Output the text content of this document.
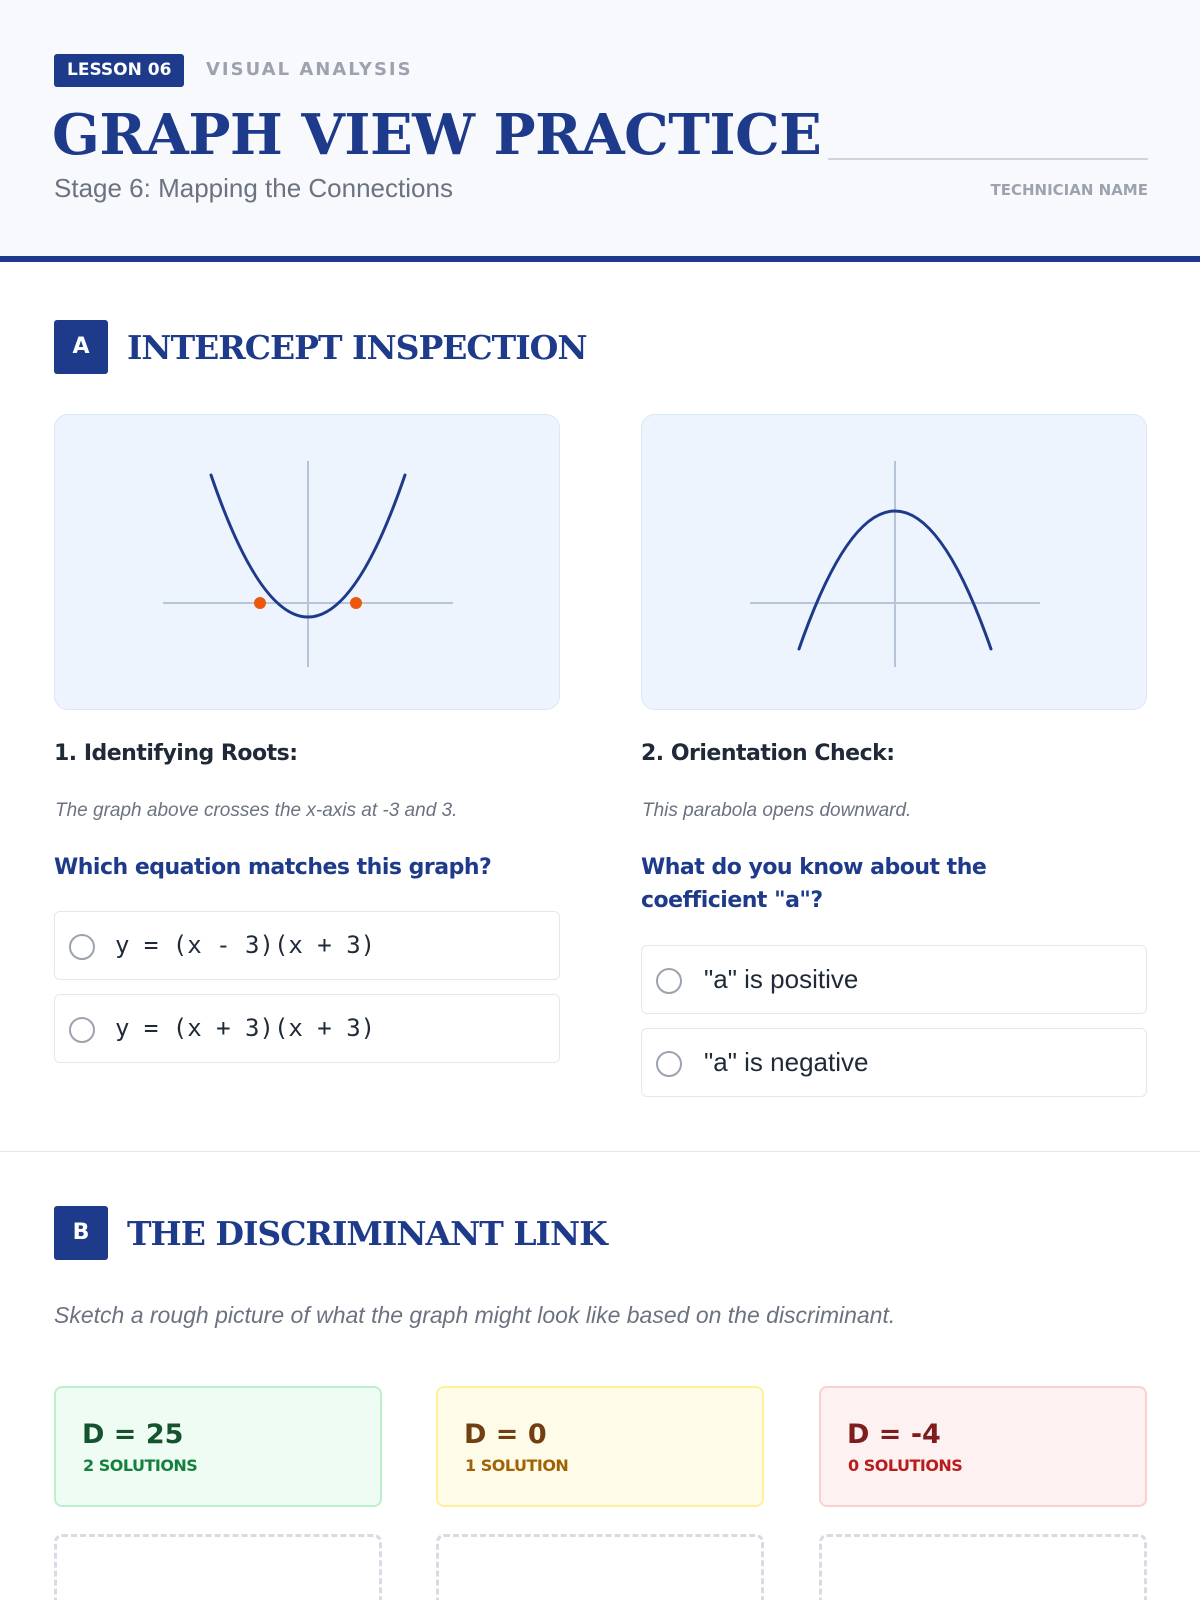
LESSON 06	VISUAL ANALYSIS
GRAPH VIEW PRACTICE
Stage 6: Mapping the Connections	TECHNICIAN NAME
A	INTERCEPT INSPECTION
1. Identifying Roots:
The graph above crosses the x-axis at -3 and 3.
Which equation matches this graph?
y = (x - 3)(x + 3)
y = (x + 3)(x + 3)
2. Orientation Check:
This parabola opens downward.
What do you know about the coefficient "a"?
"a" is positive
"a" is negative
B	THE DISCRIMINANT LINK
Sketch a rough picture of what the graph might look like based on the discriminant.
D = 25
2 SOLUTIONS
D = 0
1 SOLUTION
D = -4
0 SOLUTIONS
